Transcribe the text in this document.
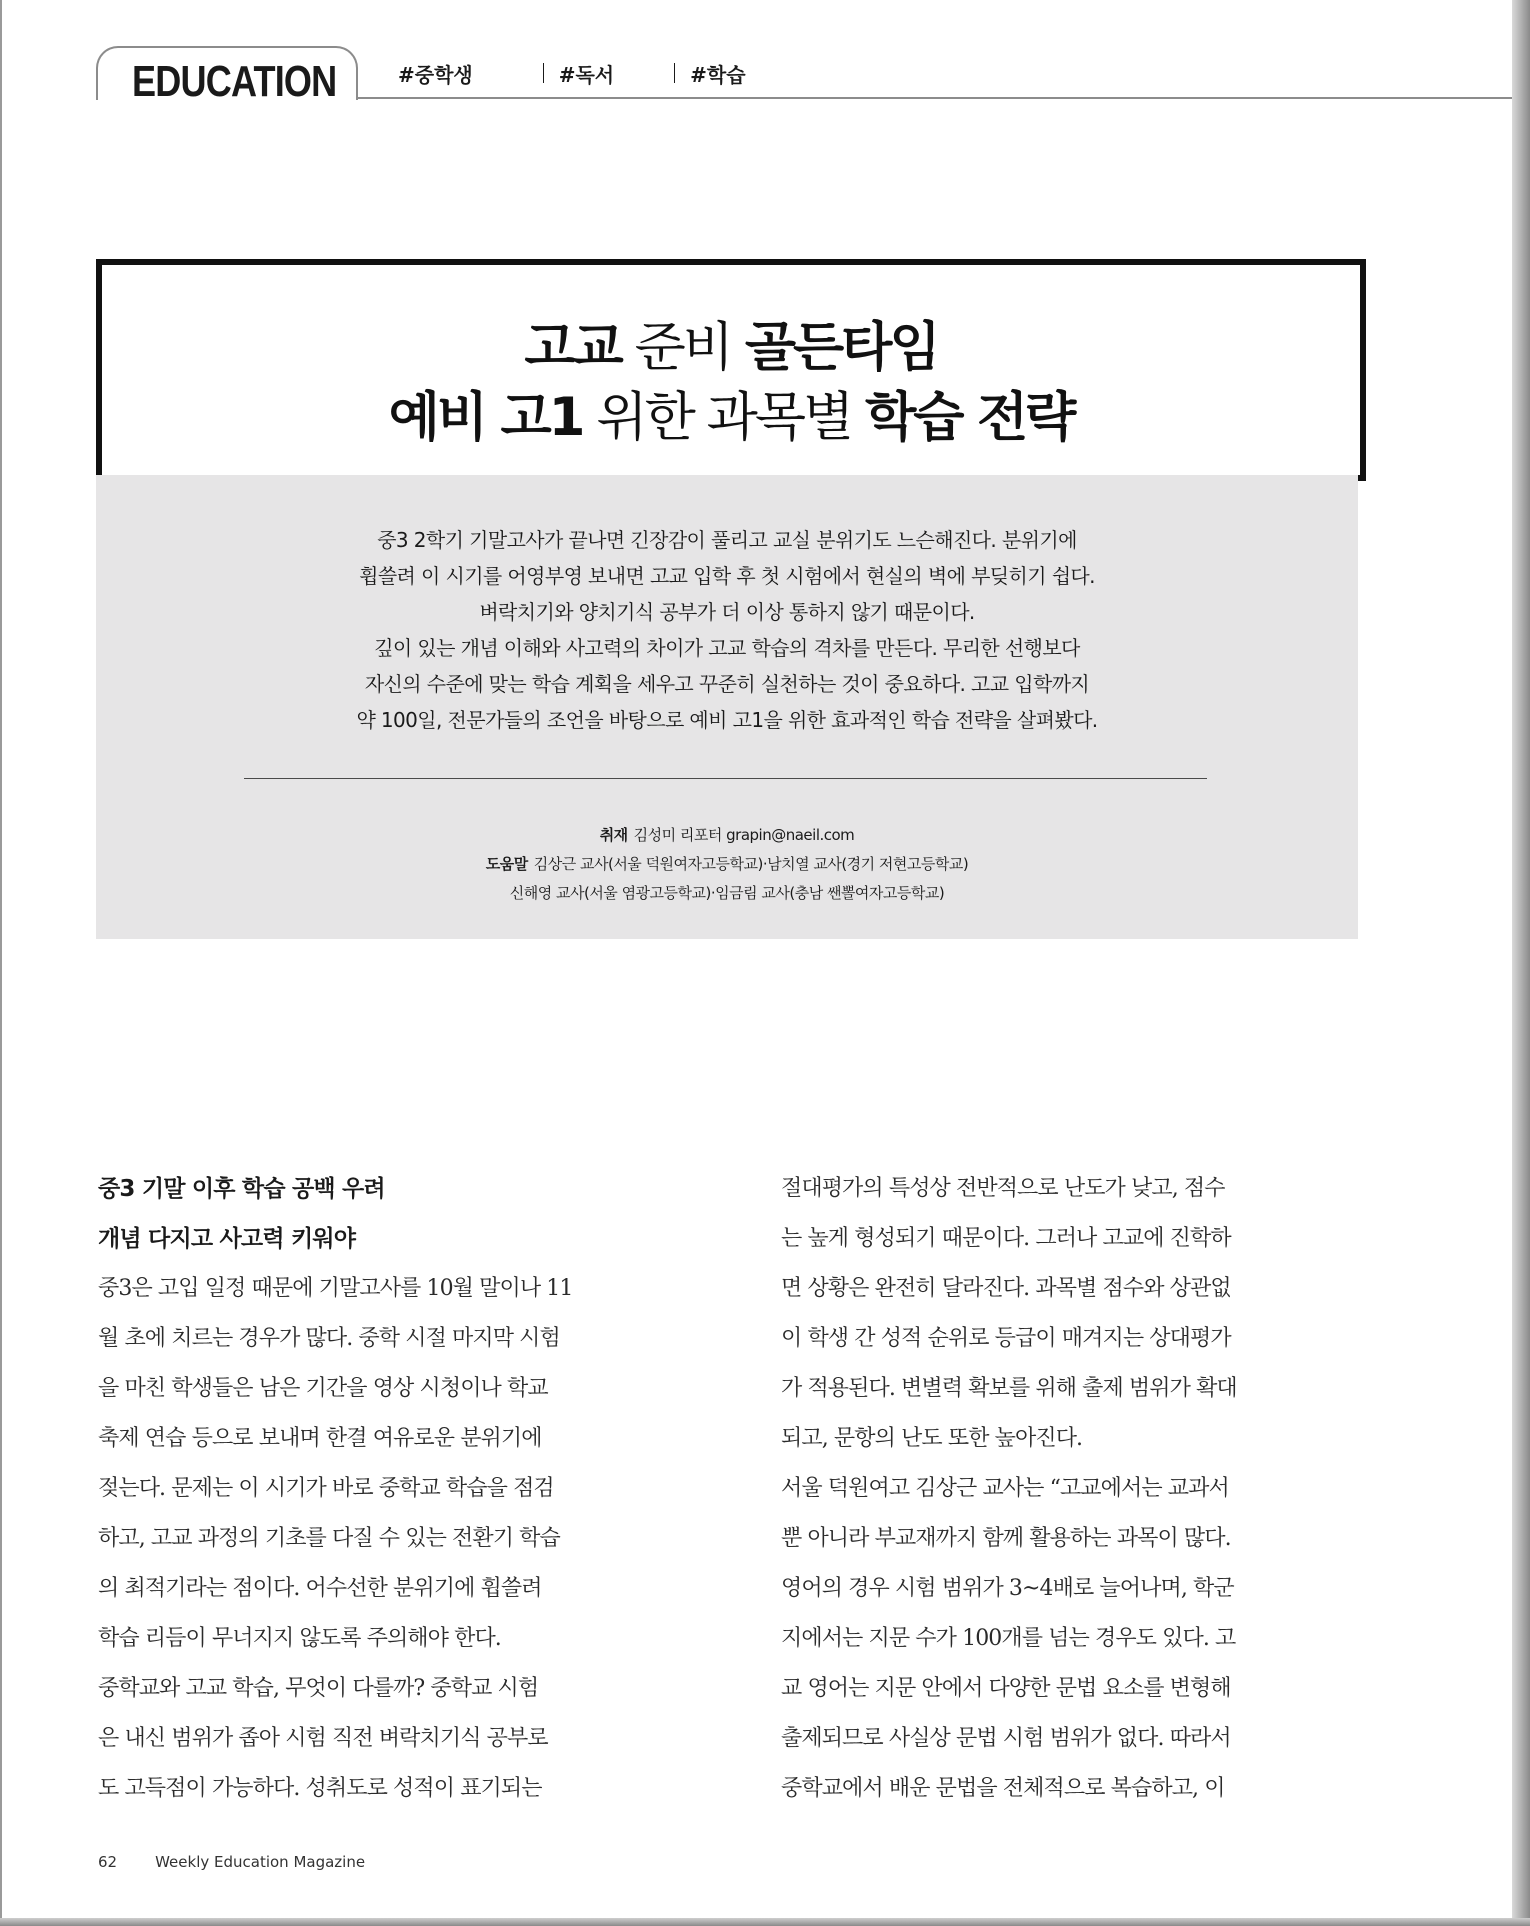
EDUCATION	#중학생	#독서	#학습
고교 준비 골든타임
예비 고1 위한 과목별 학습 전략
중3 2학기 기말고사가 끝나면 긴장감이 풀리고 교실 분위기도 느슨해진다. 분위기에
휩쓸려 이 시기를 어영부영 보내면 고교 입학 후 첫 시험에서 현실의 벽에 부딪히기 쉽다.
벼락치기와 양치기식 공부가 더 이상 통하지 않기 때문이다.
깊이 있는 개념 이해와 사고력의 차이가 고교 학습의 격차를 만든다. 무리한 선행보다
자신의 수준에 맞는 학습 계획을 세우고 꾸준히 실천하는 것이 중요하다. 고교 입학까지
약 100일, 전문가들의 조언을 바탕으로 예비 고1을 위한 효과적인 학습 전략을 살펴봤다.
취재 김성미 리포터 grapin@naeil.com
도움말 김상근 교사(서울 덕원여자고등학교)·남치열 교사(경기 저현고등학교)
신해영 교사(서울 염광고등학교)·임금림 교사(충남 쌘뽈여자고등학교)
중3 기말 이후 학습 공백 우려
개념 다지고 사고력 키워야
중3은 고입 일정 때문에 기말고사를 10월 말이나 11
월 초에 치르는 경우가 많다. 중학 시절 마지막 시험
을 마친 학생들은 남은 기간을 영상 시청이나 학교
축제 연습 등으로 보내며 한결 여유로운 분위기에
젖는다. 문제는 이 시기가 바로 중학교 학습을 점검
하고, 고교 과정의 기초를 다질 수 있는 전환기 학습
의 최적기라는 점이다. 어수선한 분위기에 휩쓸려
학습 리듬이 무너지지 않도록 주의해야 한다.
중학교와 고교 학습, 무엇이 다를까? 중학교 시험
은 내신 범위가 좁아 시험 직전 벼락치기식 공부로
도 고득점이 가능하다. 성취도로 성적이 표기되는
절대평가의 특성상 전반적으로 난도가 낮고, 점수
는 높게 형성되기 때문이다. 그러나 고교에 진학하
면 상황은 완전히 달라진다. 과목별 점수와 상관없
이 학생 간 성적 순위로 등급이 매겨지는 상대평가
가 적용된다. 변별력 확보를 위해 출제 범위가 확대
되고, 문항의 난도 또한 높아진다.
서울 덕원여고 김상근 교사는 “고교에서는 교과서
뿐 아니라 부교재까지 함께 활용하는 과목이 많다.
영어의 경우 시험 범위가 3~4배로 늘어나며, 학군
지에서는 지문 수가 100개를 넘는 경우도 있다. 고
교 영어는 지문 안에서 다양한 문법 요소를 변형해
출제되므로 사실상 문법 시험 범위가 없다. 따라서
중학교에서 배운 문법을 전체적으로 복습하고, 이
62	Weekly Education Magazine
